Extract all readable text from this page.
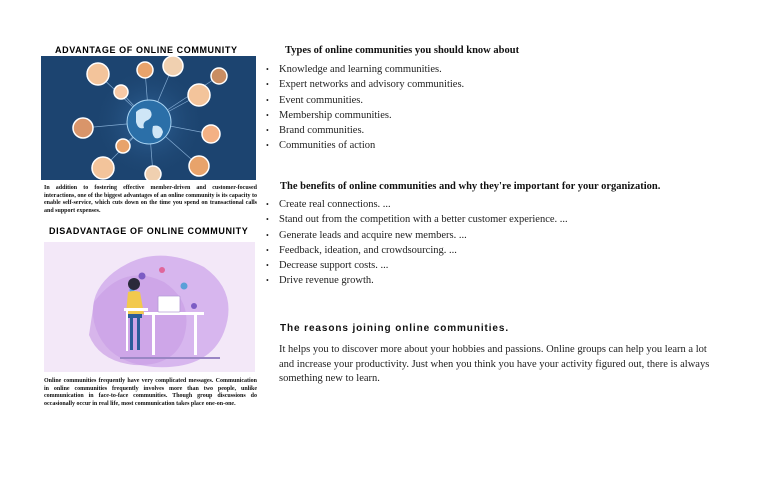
ADVANTAGE OF ONLINE COMMUNITY
In addition to fostering effective member-driven and customer-focused interactions, one of the biggest advantages of an online community is its capacity to enable self-service, which cuts down on the time you spend on transactional calls and support expenses.
DISADVANTAGE OF ONLINE COMMUNITY
Online communities frequently have very complicated messages. Communication in online communities frequently involves more than two people, unlike communication in face-to-face communities. Though group discussions do occasionally occur in real life, most communication takes place one-on-one.
Types of online communities you should know about
• Knowledge and learning communities.
• Expert networks and advisory communities.
• Event communities.
• Membership communities.
• Brand communities.
• Communities of action
The benefits of online communities and why they're important for your organization.
• Create real connections. ...
• Stand out from the competition with a better customer experience. ...
• Generate leads and acquire new members. ...
• Feedback, ideation, and crowdsourcing. ...
• Decrease support costs. ...
• Drive revenue growth.
The reasons joining online communities.
It helps you to discover more about your hobbies and passions. Online groups can help you learn a lot and increase your productivity. Just when you think you have your activity figured out, there is always something new to learn.
